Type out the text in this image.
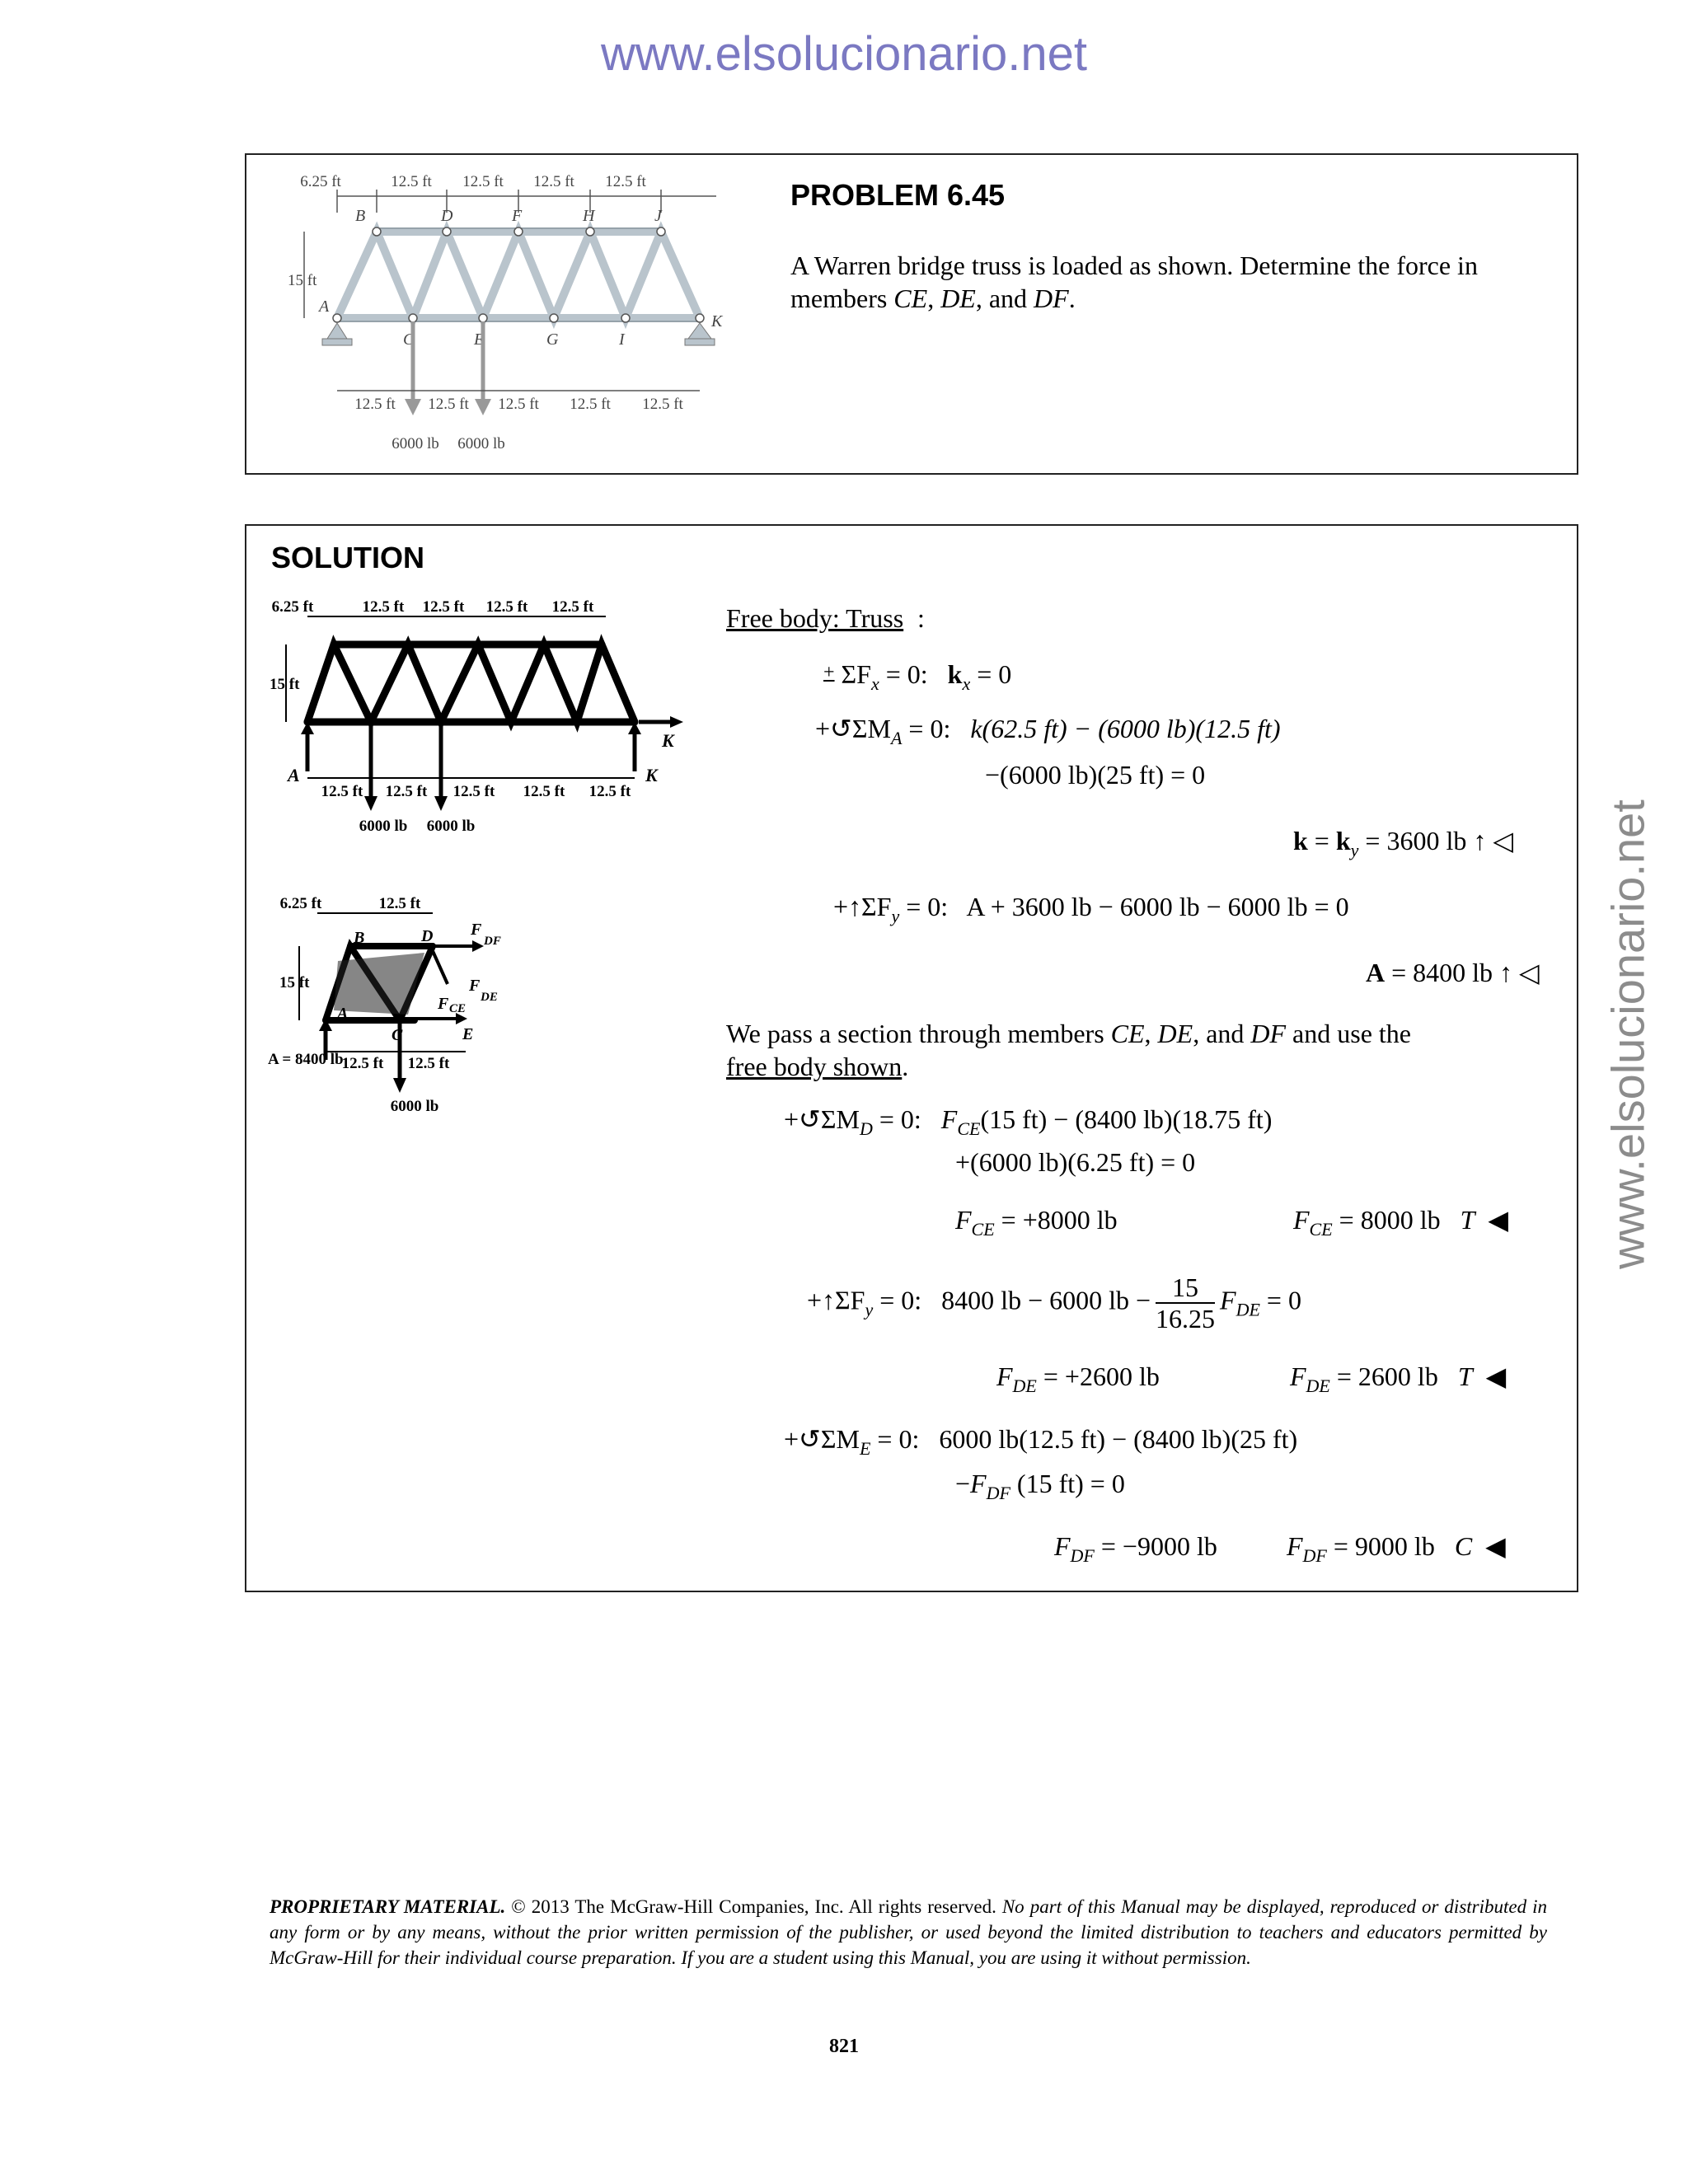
www.elsolucionario.net
www.elsolucionario.net
6.25 ft	12.5 ft 12.5 ft 12.5 ft 12.5 ft
B	D	F	H	J
A
C	E	G	I
K
15 ft
12.5 ft 12.5 ft 12.5 ft 12.5 ft 12.5 ft
6000 lb 6000 lb
PROBLEM 6.45
A Warren bridge truss is loaded as shown. Determine the force in members CE, DE, and DF.
SOLUTION
6.25 ft	12.5 ft 12.5 ft 12.5 ft 12.5 ft
15 ft
12.5 ft 12.5 ft 12.5 ft 12.5 ft 12.5 ft
6000 lb 6000 lb
A
K
K
6.25 ft	12.5 ft
15 ft
A
B
C
D
E
F
DF
F
DE
F CE
A = 8400 lb
12.5 ft 12.5 ft
6000 lb
Free body: Truss :
+ $\Sigma F_x = 0$:   $k_x = 0$
$+↺\Sigma M_A = 0$:   k(62.5 ft) − (6000 lb)(12.5 ft)
−(6000 lb)(25 ft) = 0
$k = k_y = 3600$ lb ↑ ◁
$+↑\Sigma F_y = 0$:   A + 3600 lb − 6000 lb − 6000 lb = 0
A = 8400 lb ↑ ◁
We pass a section through members CE, DE, and DF and use the
free body shown.
$+↺\Sigma M_D = 0$:   $F_{CE}(15$ ft) − (8400 lb)(18.75 ft)
+(6000 lb)(6.25 ft) = 0
$F_{CE} = +8000$ lb	$F_{CE} = 8000$ lb T  ◀
$+↑\Sigma F_y = 0$:   8400 lb − 6000 lb − $\frac{15}{16.25} F_{DE} = 0$
$F_{DE} = +2600$ lb	$F_{DE} = 2600$ lb T  ◀
$+↺\Sigma M_E = 0$:   6000 lb(12.5 ft) − (8400 lb)(25 ft)
$-F_{DF}$ (15 ft) = 0
$F_{DF} = -9000$ lb	$F_{DF} = 9000$ lb C  ◀
PROPRIETARY MATERIAL. © 2013 The McGraw-Hill Companies, Inc. All rights reserved. No part of this Manual may be displayed, reproduced or distributed in any form or by any means, without the prior written permission of the publisher, or used beyond the limited distribution to teachers and educators permitted by McGraw-Hill for their individual course preparation. If you are a student using this Manual, you are using it without permission.
821
